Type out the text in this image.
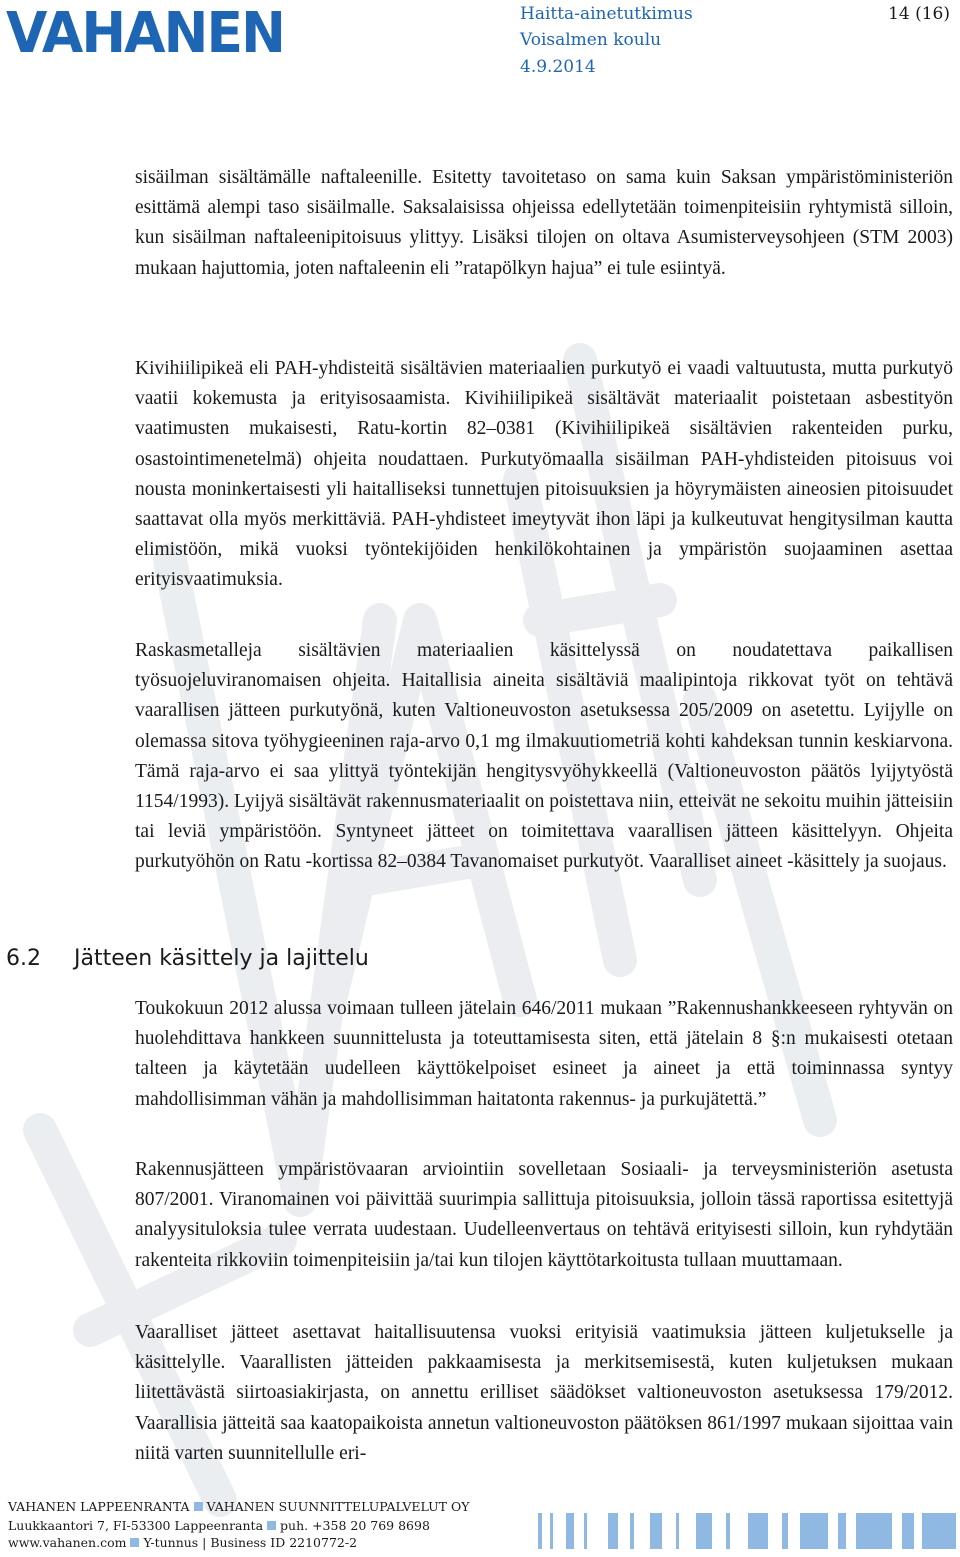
VAHANEN	Haitta-ainetutkimus
Voisalmen koulu
4.9.2014
14 (16)

sisäilman sisältämälle naftaleenille. Esitetty tavoitetaso on sama kuin Saksan ympäristöministeriön esittämä alempi taso sisäilmalle. Saksalaisissa ohjeissa edellytetään toimenpiteisiin ryhtymistä silloin, kun sisäilman naftaleenipitoisuus ylittyy. Lisäksi tilojen on oltava Asumisterveysohjeen (STM 2003) mukaan hajuttomia, joten naftaleenin eli ”ratapölkyn hajua” ei tule esiintyä.

Kivihiilipikeä eli PAH-yhdisteitä sisältävien materiaalien purkutyö ei vaadi valtuutusta, mutta purkutyö vaatii kokemusta ja erityisosaamista. Kivihiilipikeä sisältävät materiaalit poistetaan asbestityön vaatimusten mukaisesti, Ratu-kortin 82–0381 (Kivihiilipikeä sisältävien rakenteiden purku, osastointimenetelmä) ohjeita noudattaen. Purkutyömaalla sisäilman PAH-yhdisteiden pitoisuus voi nousta moninkertaisesti yli haitalliseksi tunnettujen pitoisuuksien ja höyrymäisten aineosien pitoisuudet saattavat olla myös merkittäviä. PAH-yhdisteet imeytyvät ihon läpi ja kulkeutuvat hengitysilman kautta elimistöön, mikä vuoksi työntekijöiden henkilökohtainen ja ympäristön suojaaminen asettaa erityisvaatimuksia.

Raskasmetalleja sisältävien materiaalien käsittelyssä on noudatettava paikallisen työsuojeluviranomaisen ohjeita. Haitallisia aineita sisältäviä maalipintoja rikkovat työt on tehtävä vaarallisen jätteen purkutyönä, kuten Valtioneuvoston asetuksessa 205/2009 on asetettu. Lyijylle on olemassa sitova työhygieeninen raja-arvo 0,1 mg ilmakuutiometriä kohti kahdeksan tunnin keskiarvona. Tämä raja-arvo ei saa ylittyä työntekijän hengitysvyöhykkeellä (Valtioneuvoston päätös lyijytyöstä 1154/1993). Lyijyä sisältävät rakennusmateriaalit on poistettava niin, etteivät ne sekoitu muihin jätteisiin tai leviä ympäristöön. Syntyneet jätteet on toimitettava vaarallisen jätteen käsittelyyn. Ohjeita purkutyöhön on Ratu -kortissa 82–0384 Tavanomaiset purkutyöt. Vaaralliset aineet -käsittely ja suojaus.

6.2 Jätteen käsittely ja lajittelu

Toukokuun 2012 alussa voimaan tulleen jätelain 646/2011 mukaan ”Rakennushankkeeseen ryhtyvän on huolehdittava hankkeen suunnittelusta ja toteuttamisesta siten, että jätelain 8 §:n mukaisesti otetaan talteen ja käytetään uudelleen käyttökelpoiset esineet ja aineet ja että toiminnassa syntyy mahdollisimman vähän ja mahdollisimman haitatonta rakennus- ja purkujätettä.”

Rakennusjätteen ympäristövaaran arviointiin sovelletaan Sosiaali- ja terveysministeriön asetusta 807/2001. Viranomainen voi päivittää suurimpia sallittuja pitoisuuksia, jolloin tässä raportissa esitettyjä analyysituloksia tulee verrata uudestaan. Uudelleenvertaus on tehtävä erityisesti silloin, kun ryhdytään rakenteita rikkoviin toimenpiteisiin ja/tai kun tilojen käyttötarkoitusta tullaan muuttamaan.

Vaaralliset jätteet asettavat haitallisuutensa vuoksi erityisiä vaatimuksia jätteen kuljetukselle ja käsittelylle. Vaarallisten jätteiden pakkaamisesta ja merkitsemisestä, kuten kuljetuksen mukaan liitettävästä siirtoasiakirjasta, on annettu erilliset säädökset valtioneuvoston asetuksessa 179/2012. Vaarallisia jätteitä saa kaatopaikoista annetun valtioneuvoston päätöksen 861/1997 mukaan sijoittaa vain niitä varten suunnitellulle eri-

VAHANEN LAPPEENRANTA VAHANEN SUUNNITTELUPALVELUT OY
Luukkaantori 7, FI-53300 Lappeenranta puh. +358 20 769 8698
www.vahanen.com Y-tunnus | Business ID 2210772-2
